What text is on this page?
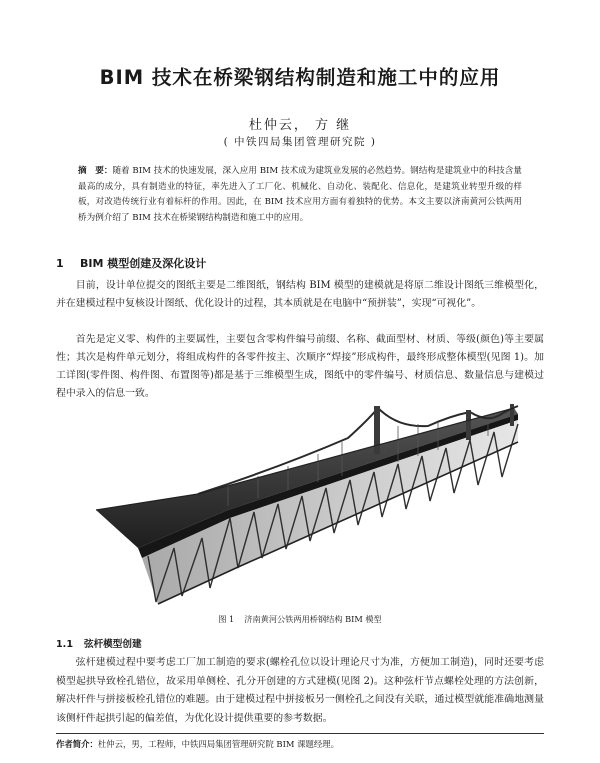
BIM 技术在桥梁钢结构制造和施工中的应用
杜仲云， 方 继
( 中铁四局集团管理研究院 )
摘　要：随着 BIM 技术的快速发展，深入应用 BIM 技术成为建筑业发展的必然趋势。钢结构是建筑业中的科技含量最高的成分，具有制造业的特征，率先进入了工厂化、机械化、自动化、装配化、信息化，是建筑业转型升级的样板，对改造传统行业有着标杆的作用。因此，在 BIM 技术应用方面有着独特的优势。本文主要以济南黄河公铁两用桥为例介绍了 BIM 技术在桥梁钢结构制造和施工中的应用。
1 BIM 模型创建及深化设计
目前，设计单位提交的图纸主要是二维图纸，钢结构 BIM 模型的建模就是将原二维设计图纸三维模型化，并在建模过程中复核设计图纸、优化设计的过程，其本质就是在电脑中“预拼装”，实现“可视化”。
首先是定义零、构件的主要属性，主要包含零构件编号前缀、名称、截面型材、材质、等级(颜色)等主要属性；其次是构件单元划分，将组成构件的各零件按主、次顺序“焊接”形成构件，最终形成整体模型(见图 1)。加工详图(零件图、构件图、布置图等)都是基于三维模型生成，图纸中的零件编号、材质信息、数量信息与建模过程中录入的信息一致。
图 1 济南黄河公铁两用桥钢结构 BIM 模型
1.1 弦杆模型创建
弦杆建模过程中要考虑工厂加工制造的要求(螺栓孔位以设计理论尺寸为准，方便加工制造)，同时还要考虑模型起拱导致栓孔错位，故采用单侧栓、孔分开创建的方式建模(见图 2)。这种弦杆节点螺栓处理的方法创新，解决杆件与拼接板栓孔错位的难题。由于建模过程中拼接板另一侧栓孔之间没有关联，通过模型就能准确地测量该侧杆件起拱引起的偏差值，为优化设计提供重要的参考数据。
作者简介：杜仲云，男，工程师，中铁四局集团管理研究院 BIM 课题经理。
